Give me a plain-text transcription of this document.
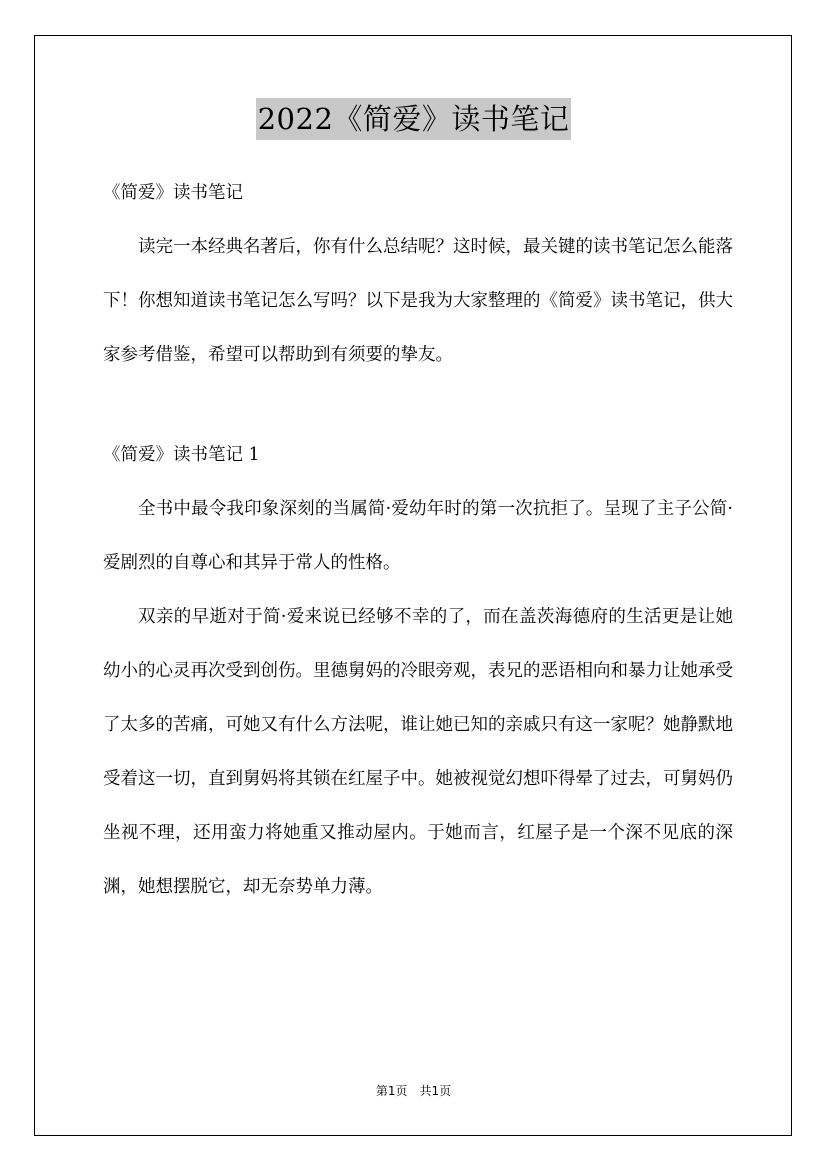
2022《简爱》读书笔记

《简爱》读书笔记

读完一本经典名著后，你有什么总结呢？这时候，最关键的读书笔记怎么能落下！你想知道读书笔记怎么写吗？以下是我为大家整理的《简爱》读书笔记，供大家参考借鉴，希望可以帮助到有须要的挚友。

《简爱》读书笔记 1

全书中最令我印象深刻的当属简·爱幼年时的第一次抗拒了。呈现了主子公简·爱剧烈的自尊心和其异于常人的性格。

双亲的早逝对于简·爱来说已经够不幸的了，而在盖茨海德府的生活更是让她幼小的心灵再次受到创伤。里德舅妈的冷眼旁观，表兄的恶语相向和暴力让她承受了太多的苦痛，可她又有什么方法呢，谁让她已知的亲戚只有这一家呢？她静默地受着这一切，直到舅妈将其锁在红屋子中。她被视觉幻想吓得晕了过去，可舅妈仍坐视不理，还用蛮力将她重又推动屋内。于她而言，红屋子是一个深不见底的深渊，她想摆脱它，却无奈势单力薄。

第1页　共1页
